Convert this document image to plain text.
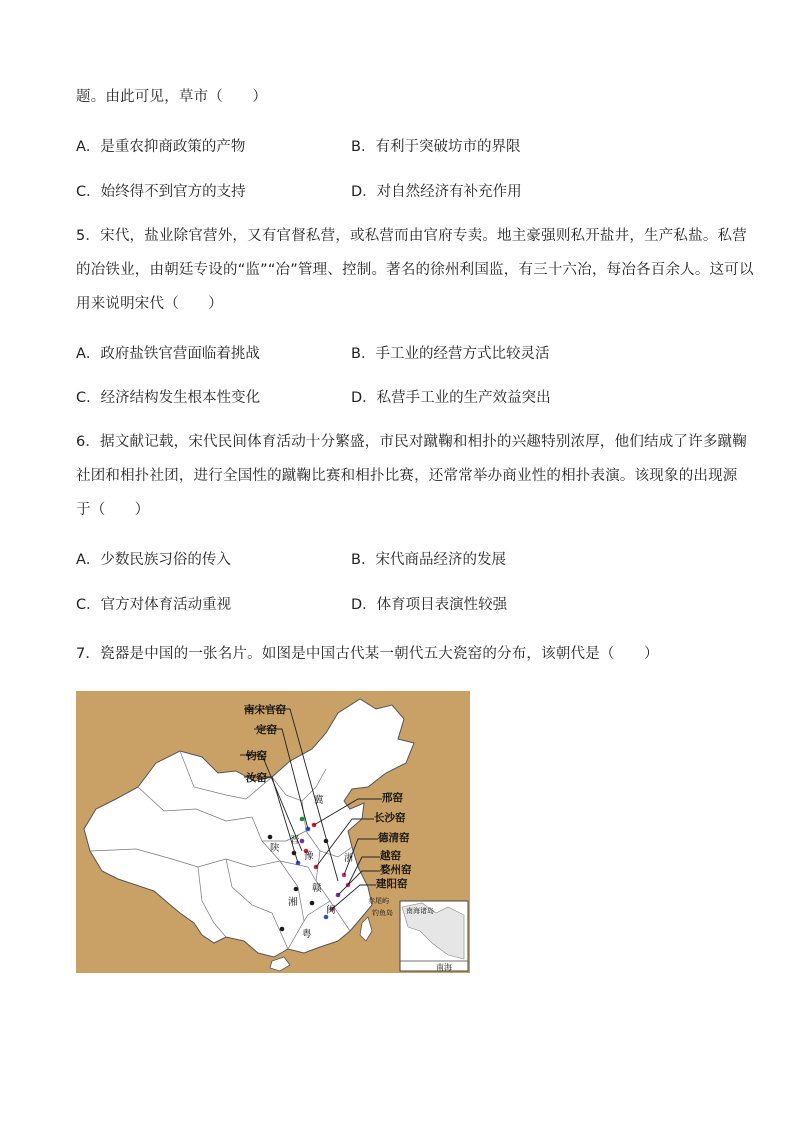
题。由此可见，草市（　　）
A．是重农抑商政策的产物	B．有利于突破坊市的界限
C．始终得不到官方的支持	D．对自然经济有补充作用
5．宋代，盐业除官营外，又有官督私营，或私营而由官府专卖。地主豪强则私开盐井，生产私盐。私营
的冶铁业，由朝廷专设的“监”“冶”管理、控制。著名的徐州利国监，有三十六冶，每冶各百余人。这可以
用来说明宋代（　　）
A．政府盐铁官营面临着挑战	B．手工业的经营方式比较灵活
C．经济结构发生根本性变化	D．私营手工业的生产效益突出
6．据文献记载，宋代民间体育活动十分繁盛，市民对蹴鞠和相扑的兴趣特别浓厚，他们结成了许多蹴鞠
社团和相扑社团，进行全国性的蹴鞠比赛和相扑比赛，还常常举办商业性的相扑表演。该现象的出现源
于（　　）
A．少数民族习俗的传入	B．宋代商品经济的发展
C．官方对体育活动重视	D．体育项目表演性较强
7．瓷器是中国的一张名片。如图是中国古代某一朝代五大瓷窑的分布，该朝代是（　　）
南宋官窑
定窑
钧窑
汝窑
邢窑
长沙窑
德清窑
越窑
婺州窑
建阳窑
陕
晋
冀
豫
湘
赣
闽
粤
浙
赤尾屿
钓鱼岛
南海
南海诸岛
